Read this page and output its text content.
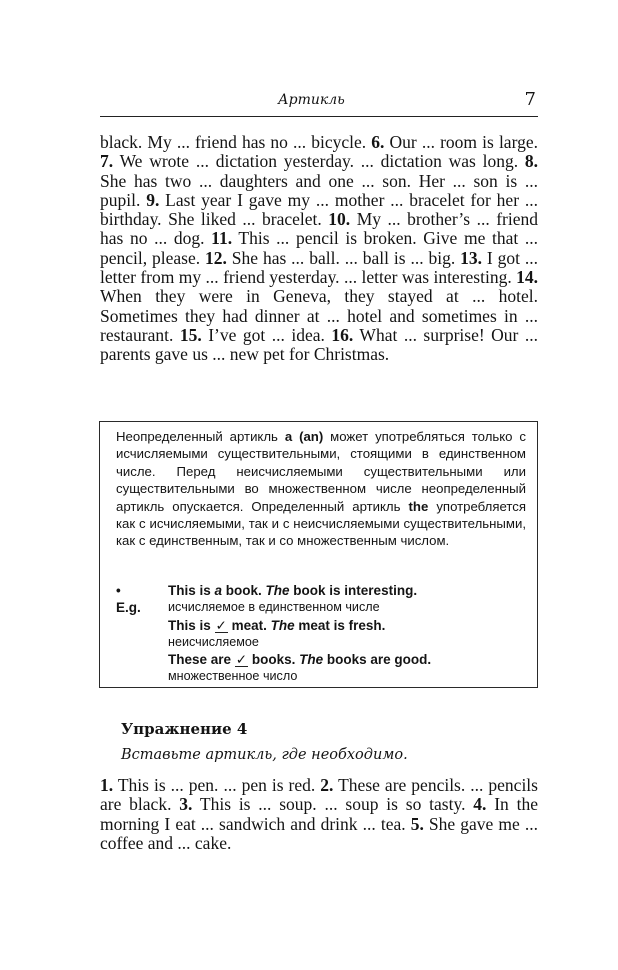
Артикль	7
black. My ... friend has no ... bicycle. 6. Our ... room is large. 7. We wrote ... dictation yesterday. ... dictation was long. 8. She has two ... daughters and one ... son. Her ... son is ... pupil. 9. Last year I gave my ... mother ... bracelet for her ... birthday. She liked ... bracelet. 10. My ... brother’s ... friend has no ... dog. 11. This ... pencil is broken. Give me that ... pencil, please. 12. She has ... ball. ... ball is ... big. 13. I got ... letter from my ... friend yesterday. ... letter was interesting. 14. When they were in Geneva, they stayed at ... hotel. Sometimes they had dinner at ... hotel and sometimes in ... restaurant. 15. I’ve got ... idea. 16. What ... surprise! Our ... parents gave us ... new pet for Christmas.
Неопределенный артикль a (an) может употребляться только с исчисляемыми существительными, стоящими в единственном числе. Перед неисчисляемыми существительными или существительными во множественном числе неопределенный артикль опускается. Определенный артикль the употребляется как с исчисляемыми, так и с неисчисляемыми существительными, как с единственным, так и со множественным числом.
• E.g.
This is a book. The book is interesting.
исчисляемое в единственном числе
This is ✓ meat. The meat is fresh.
неисчисляемое
These are ✓ books. The books are good.
множественное число
Упражнение 4
Вставьте артикль, где необходимо.
1. This is ... pen. ... pen is red. 2. These are pencils. ... pencils are black. 3. This is ... soup. ... soup is so tasty. 4. In the morning I eat ... sandwich and drink ... tea. 5. She gave me ... coffee and ... cake.
